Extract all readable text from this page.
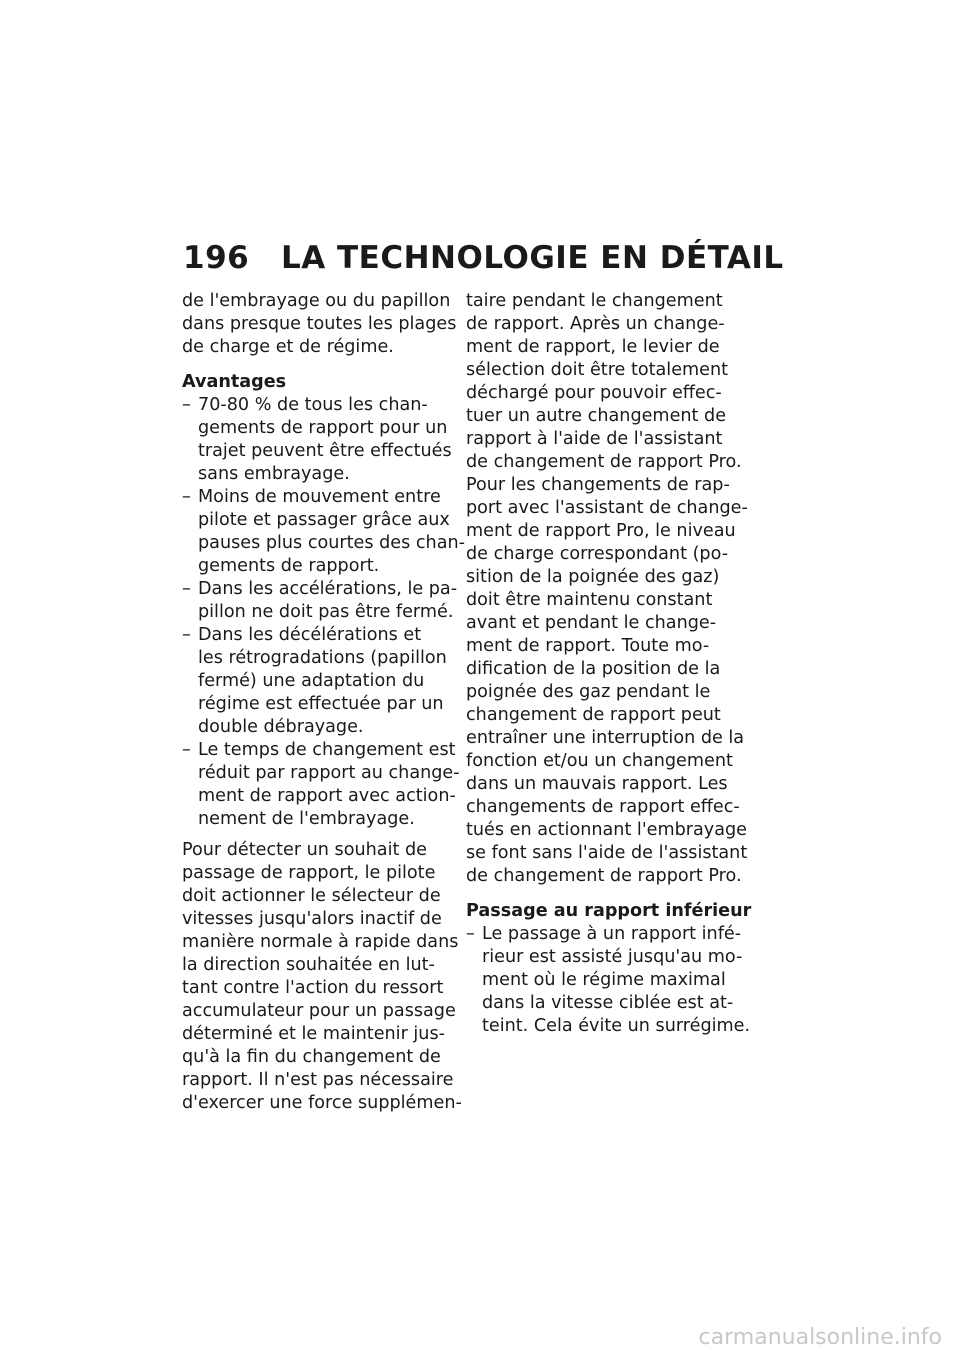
196	LA TECHNOLOGIE EN DÉTAIL
de l'embrayage ou du papillon
dans presque toutes les plages
de charge et de régime.
Avantages
– 70-80 % de tous les chan-
gements de rapport pour un
trajet peuvent être effectués
sans embrayage.
– Moins de mouvement entre
pilote et passager grâce aux
pauses plus courtes des chan-
gements de rapport.
– Dans les accélérations, le pa-
pillon ne doit pas être fermé.
– Dans les décélérations et
les rétrogradations (papillon
fermé) une adaptation du
régime est effectuée par un
double débrayage.
– Le temps de changement est
réduit par rapport au change-
ment de rapport avec action-
nement de l'embrayage.
Pour détecter un souhait de
passage de rapport, le pilote
doit actionner le sélecteur de
vitesses jusqu'alors inactif de
manière normale à rapide dans
la direction souhaitée en lut-
tant contre l'action du ressort
accumulateur pour un passage
déterminé et le maintenir jus-
qu'à la fin du changement de
rapport. Il n'est pas nécessaire
d'exercer une force supplémen-
taire pendant le changement
de rapport. Après un change-
ment de rapport, le levier de
sélection doit être totalement
déchargé pour pouvoir effec-
tuer un autre changement de
rapport à l'aide de l'assistant
de changement de rapport Pro.
Pour les changements de rap-
port avec l'assistant de change-
ment de rapport Pro, le niveau
de charge correspondant (po-
sition de la poignée des gaz)
doit être maintenu constant
avant et pendant le change-
ment de rapport. Toute mo-
dification de la position de la
poignée des gaz pendant le
changement de rapport peut
entraîner une interruption de la
fonction et/ou un changement
dans un mauvais rapport. Les
changements de rapport effec-
tués en actionnant l'embrayage
se font sans l'aide de l'assistant
de changement de rapport Pro.
Passage au rapport inférieur
– Le passage à un rapport infé-
rieur est assisté jusqu'au mo-
ment où le régime maximal
dans la vitesse ciblée est at-
teint. Cela évite un surrégime.
carmanualsonline.info
